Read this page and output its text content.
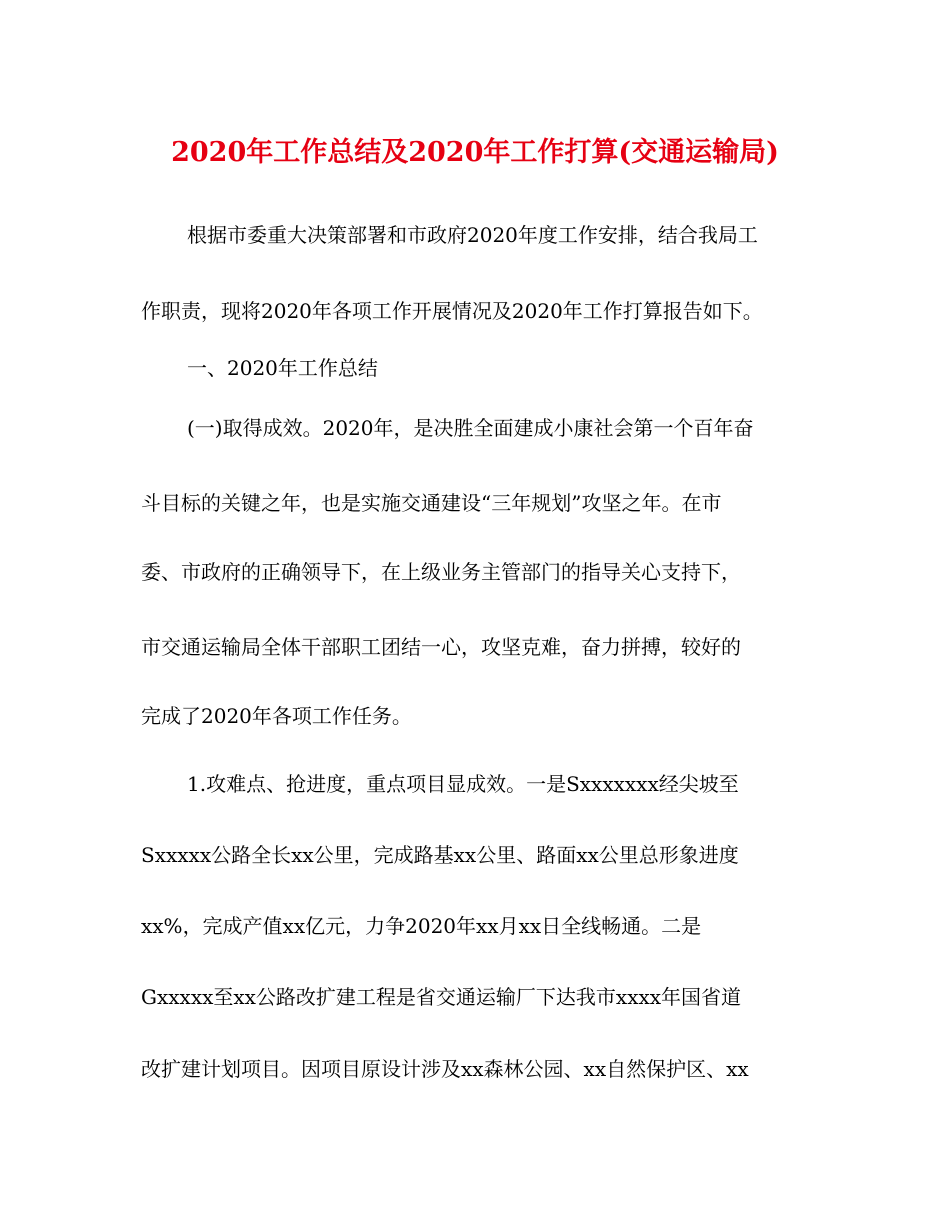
2020年工作总结及2020年工作打算(交通运输局)
根据市委重大决策部署和市政府2020年度工作安排，结合我局工
作职责，现将2020年各项工作开展情况及2020年工作打算报告如下。
一、2020年工作总结
(一)取得成效。2020年，是决胜全面建成小康社会第一个百年奋
斗目标的关键之年，也是实施交通建设“三年规划”攻坚之年。在市
委、市政府的正确领导下，在上级业务主管部门的指导关心支持下，
市交通运输局全体干部职工团结一心，攻坚克难，奋力拼搏，较好的
完成了2020年各项工作任务。
1.攻难点、抢进度，重点项目显成效。一是Sxxxxxxx经尖坡至
Sxxxxx公路全长xx公里，完成路基xx公里、路面xx公里总形象进度
xx%，完成产值xx亿元，力争2020年xx月xx日全线畅通。二是
Gxxxxx至xx公路改扩建工程是省交通运输厂下达我市xxxx年国省道
改扩建计划项目。因项目原设计涉及xx森林公园、xx自然保护区、xx
